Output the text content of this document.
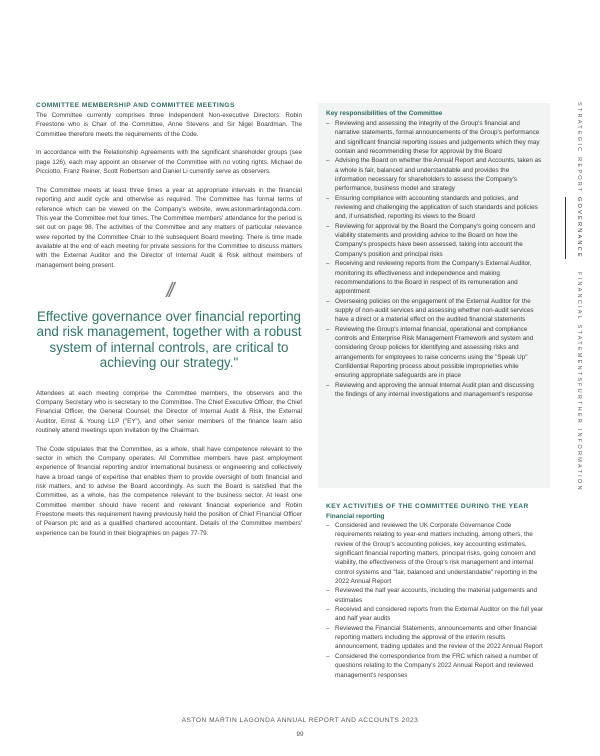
COMMITTEE MEMBERSHIP AND COMMITTEE MEETINGS

The Committee currently comprises three Independent Non-executive Directors: Robin Freestone who is Chair of the Committee, Anne Stevens and Sir Nigel Boardman. The Committee therefore meets the requirements of the Code.

In accordance with the Relationship Agreements with the significant shareholder groups (see page 126), each may appoint an observer of the Committee with no voting rights. Michael de Picciotto, Franz Reiner, Scott Robertson and Daniel Li currently serve as observers.

The Committee meets at least three times a year at appropriate intervals in the financial reporting and audit cycle and otherwise as required. The Committee has formal terms of reference which can be viewed on the Company's website, www.astonmartinlagonda.com. This year the Committee met four times. The Committee members' attendance for the period is set out on page 98. The activities of the Committee and any matters of particular relevance were reported by the Committee Chair to the subsequent Board meeting. There is time made available at the end of each meeting for private sessions for the Committee to discuss matters with the External Auditor and the Director of Internal Audit & Risk without members of management being present.

//
Effective governance over financial reporting and risk management, together with a robust system of internal controls, are critical to achieving our strategy."

Attendees at each meeting comprise the Committee members, the observers and the Company Secretary who is secretary to the Committee. The Chief Executive Officer, the Chief Financial Officer, the General Counsel, the Director of Internal Audit & Risk, the External Auditor, Ernst & Young LLP ("EY"), and other senior members of the finance team also routinely attend meetings upon invitation by the Chairman.

The Code stipulates that the Committee, as a whole, shall have competence relevant to the sector in which the Company operates. All Committee members have past employment experience of financial reporting and/or international business or engineering and collectively have a broad range of expertise that enables them to provide oversight of both financial and risk matters, and to advise the Board accordingly. As such the Board is satisfied that the Committee, as a whole, has the competence relevant to the business sector. At least one Committee member should have recent and relevant financial experience and Robin Freestone meets this requirement having previously held the position of Chief Financial Officer of Pearson plc and as a qualified chartered accountant. Details of the Committee members' experience can be found in their biographies on pages 77-79.

Key responsibilities of the Committee
– Reviewing and assessing the integrity of the Group's financial and narrative statements, formal announcements of the Group's performance and significant financial reporting issues and judgements which they may contain and recommending these for approval by the Board
– Advising the Board on whether the Annual Report and Accounts, taken as a whole is fair, balanced and understandable and provides the information necessary for shareholders to assess the Company's performance, business model and strategy
– Ensuring compliance with accounting standards and policies, and reviewing and challenging the application of such standards and policies and, if unsatisfied, reporting its views to the Board
– Reviewing for approval by the Board the Company's going concern and viability statements and providing advice to the Board on how the Company's prospects have been assessed, taking into account the Company's position and principal risks
– Receiving and reviewing reports from the Company's External Auditor, monitoring its effectiveness and independence and making recommendations to the Board in respect of its remuneration and appointment
– Overseeing policies on the engagement of the External Auditor for the supply of non-audit services and assessing whether non-audit services have a direct or a material effect on the audited financial statements
– Reviewing the Group's internal financial, operational and compliance controls and Enterprise Risk Management Framework and system and considering Group policies for identifying and assessing risks and arrangements for employees to raise concerns using the "Speak Up" Confidential Reporting process about possible improprieties while ensuring appropriate safeguards are in place
– Reviewing and approving the annual Internal Audit plan and discussing the findings of any internal investigations and management's response
KEY ACTIVITIES OF THE COMMITTEE DURING THE YEAR
Financial reporting
– Considered and reviewed the UK Corporate Governance Code requirements relating to year-end matters including, among others, the review of the Group's accounting policies, key accounting estimates, significant financial reporting matters, principal risks, going concern and viability, the effectiveness of the Group's risk management and internal control systems and "fair, balanced and understandable" reporting in the 2022 Annual Report
– Reviewed the half year accounts, including the material judgements and estimates
– Received and considered reports from the External Auditor on the full year and half year audits
– Reviewed the Financial Statements, announcements and other financial reporting matters including the approval of the interim results announcement, trading updates and the review of the 2022 Annual Report
– Considered the correspondence from the FRC which raised a number of questions relating to the Company's 2022 Annual Report and reviewed management's responses
STRATEGIC REPORT
GOVERNANCE
FINANCIAL STATEMENTS
FURTHER INFORMATION
ASTON MARTIN LAGONDA ANNUAL REPORT AND ACCOUNTS 2023
99
